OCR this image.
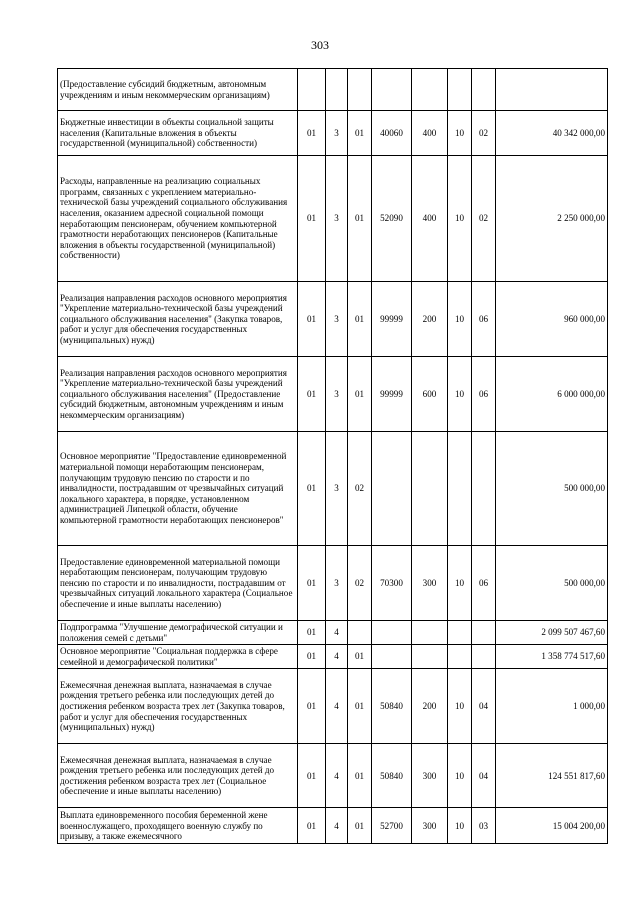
303
(Предоставление субсидий бюджетным, автономным учреждениям и иным некоммерческим организациям)								
Бюджетные инвестиции в объекты социальной защиты населения (Капитальные вложения в объекты государственной (муниципальной) собственности)	01	3	01	40060	400	10	02	40 342 000,00
Расходы, направленные на реализацию социальных программ, связанных с укреплением материально-технической базы учреждений социального обслуживания населения, оказанием адресной социальной помощи неработающим пенсионерам, обучением компьютерной грамотности неработающих пенсионеров (Капитальные вложения в объекты государственной (муниципальной) собственности)	01	3	01	52090	400	10	02	2 250 000,00
Реализация направления расходов основного мероприятия "Укрепление материально-технической базы учреждений социального обслуживания населения" (Закупка товаров, работ и услуг для обеспечения государственных (муниципальных) нужд)	01	3	01	99999	200	10	06	960 000,00
Реализация направления расходов основного мероприятия "Укрепление материально-технической базы учреждений социального обслуживания населения" (Предоставление субсидий бюджетным, автономным учреждениям и иным некоммерческим организациям)	01	3	01	99999	600	10	06	6 000 000,00
Основное мероприятие "Предоставление единовременной материальной помощи неработающим пенсионерам, получающим трудовую пенсию по старости и по инвалидности, пострадавшим от чрезвычайных ситуаций локального характера, в порядке, установленном администрацией Липецкой области, обучение компьютерной грамотности неработающих пенсионеров"	01	3	02					500 000,00
Предоставление единовременной материальной помощи неработающим пенсионерам, получающим трудовую пенсию по старости и по инвалидности, пострадавшим от чрезвычайных ситуаций локального характера (Социальное обеспечение и иные выплаты населению)	01	3	02	70300	300	10	06	500 000,00
Подпрограмма "Улучшение демографической ситуации и положения семей с детьми"	01	4						2 099 507 467,60
Основное мероприятие "Социальная поддержка в сфере семейной и демографической политики"	01	4	01					1 358 774 517,60
Ежемесячная денежная выплата, назначаемая в случае рождения третьего ребенка или последующих детей до достижения ребенком возраста трех лет (Закупка товаров, работ и услуг для обеспечения государственных (муниципальных) нужд)	01	4	01	50840	200	10	04	1 000,00
Ежемесячная денежная выплата, назначаемая в случае рождения третьего ребенка или последующих детей до достижения ребенком возраста трех лет (Социальное обеспечение и иные выплаты населению)	01	4	01	50840	300	10	04	124 551 817,60
Выплата единовременного пособия беременной жене военнослужащего, проходящего военную службу по призыву, а также ежемесячного	01	4	01	52700	300	10	03	15 004 200,00
